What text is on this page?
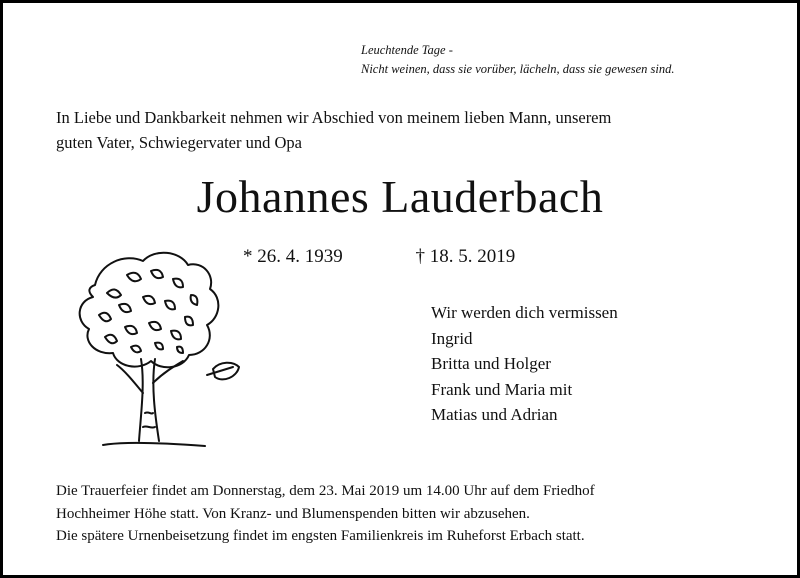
Leuchtende Tage -
Nicht weinen, dass sie vorüber, lächeln, dass sie gewesen sind.
In Liebe und Dankbarkeit nehmen wir Abschied von meinem lieben Mann, unserem
guten Vater, Schwiegervater und Opa
Johannes Lauderbach
* 26. 4. 1939	† 18. 5. 2019
Wir werden dich vermissen
Ingrid
Britta und Holger
Frank und Maria mit
Matias und Adrian
Die Trauerfeier findet am Donnerstag, dem 23. Mai 2019 um 14.00 Uhr auf dem Friedhof
Hochheimer Höhe statt. Von Kranz- und Blumenspenden bitten wir abzusehen.
Die spätere Urnenbeisetzung findet im engsten Familienkreis im Ruheforst Erbach statt.
